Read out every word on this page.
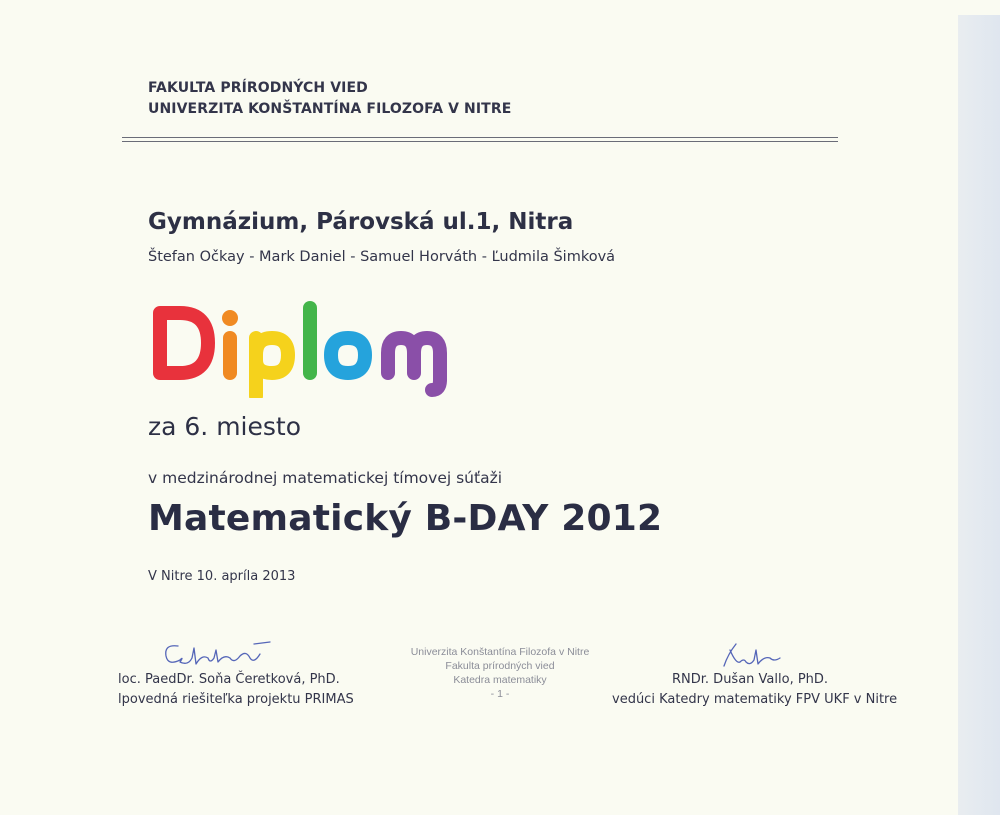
FAKULTA PRÍRODNÝCH VIED
UNIVERZITA KONŠTANTÍNA FILOZOFA V NITRE
Gymnázium, Párovská ul.1, Nitra
Štefan Očkay - Mark Daniel - Samuel Horváth - Ľudmila Šimková
Diplom
za 6. miesto
v medzinárodnej matematickej tímovej súťaži
Matematický B-DAY 2012
V Nitre 10. apríla 2013
Univerzita Konštantína Filozofa v Nitre
Fakulta prírodných vied
Katedra matematiky
- 1 -
loc. PaedDr. Soňa Čeretková, PhD.
lpovedná riešiteľka projektu PRIMAS
RNDr. Dušan Vallo, PhD.
vedúci Katedry matematiky FPV UKF v Nitre
